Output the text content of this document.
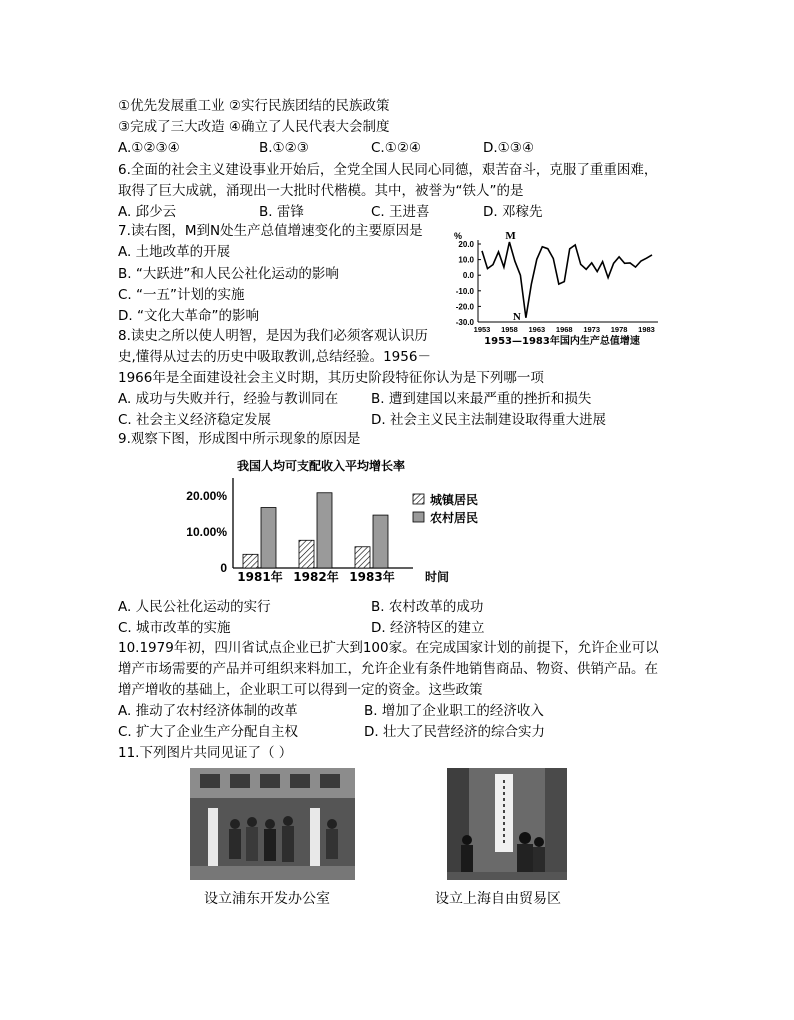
①优先发展重工业 ②实行民族团结的民族政策
③完成了三大改造 ④确立了人民代表大会制度
A.①②③④	B.①②③	C.①②④	D.①③④
6.全面的社会主义建设事业开始后，全党全国人民同心同德，艰苦奋斗，克服了重重困难，
取得了巨大成就，涌现出一大批时代楷模。其中，被誉为“铁人”的是
A. 邱少云	B. 雷锋	C. 王进喜	D. 邓稼先
7.读右图，M到N处生产总值增速变化的主要原因是
A. 土地改革的开展
B. “大跃进”和人民公社化运动的影响
C. “一五”计划的实施
D. “文化大革命”的影响
%
20.0
10.0
0.0
-10.0
-20.0
-30.0
1953 1958 1963 1968 1973 1978 1983
M
N
1953—1983年国内生产总值增速
8.读史之所以使人明智，是因为我们必须客观认识历
史,懂得从过去的历史中吸取教训,总结经验。1956－
1966年是全面建设社会主义时期，其历史阶段特征你认为是下列哪一项
A. 成功与失败并行，经验与教训同在 B. 遭到建国以来最严重的挫折和损失
C. 社会主义经济稳定发展	D. 社会主义民主法制建设取得重大进展
9.观察下图，形成图中所示现象的原因是
我国人均可支配收入平均增长率
20.00%
10.00%
0
1981年 1982年 1983年	时间
城镇居民
农村居民
A. 人民公社化运动的实行	B. 农村改革的成功
C. 城市改革的实施	D. 经济特区的建立
10.1979年初，四川省试点企业已扩大到100家。在完成国家计划的前提下，允许企业可以
增产市场需要的产品并可组织来料加工，允许企业有条件地销售商品、物资、供销产品。在
增产增收的基础上，企业职工可以得到一定的资金。这些政策
A. 推动了农村经济体制的改革	B. 增加了企业职工的经济收入
C. 扩大了企业生产分配自主权	D. 壮大了民营经济的综合实力
11.下列图片共同见证了（ ）
设立浦东开发办公室	设立上海自由贸易区
